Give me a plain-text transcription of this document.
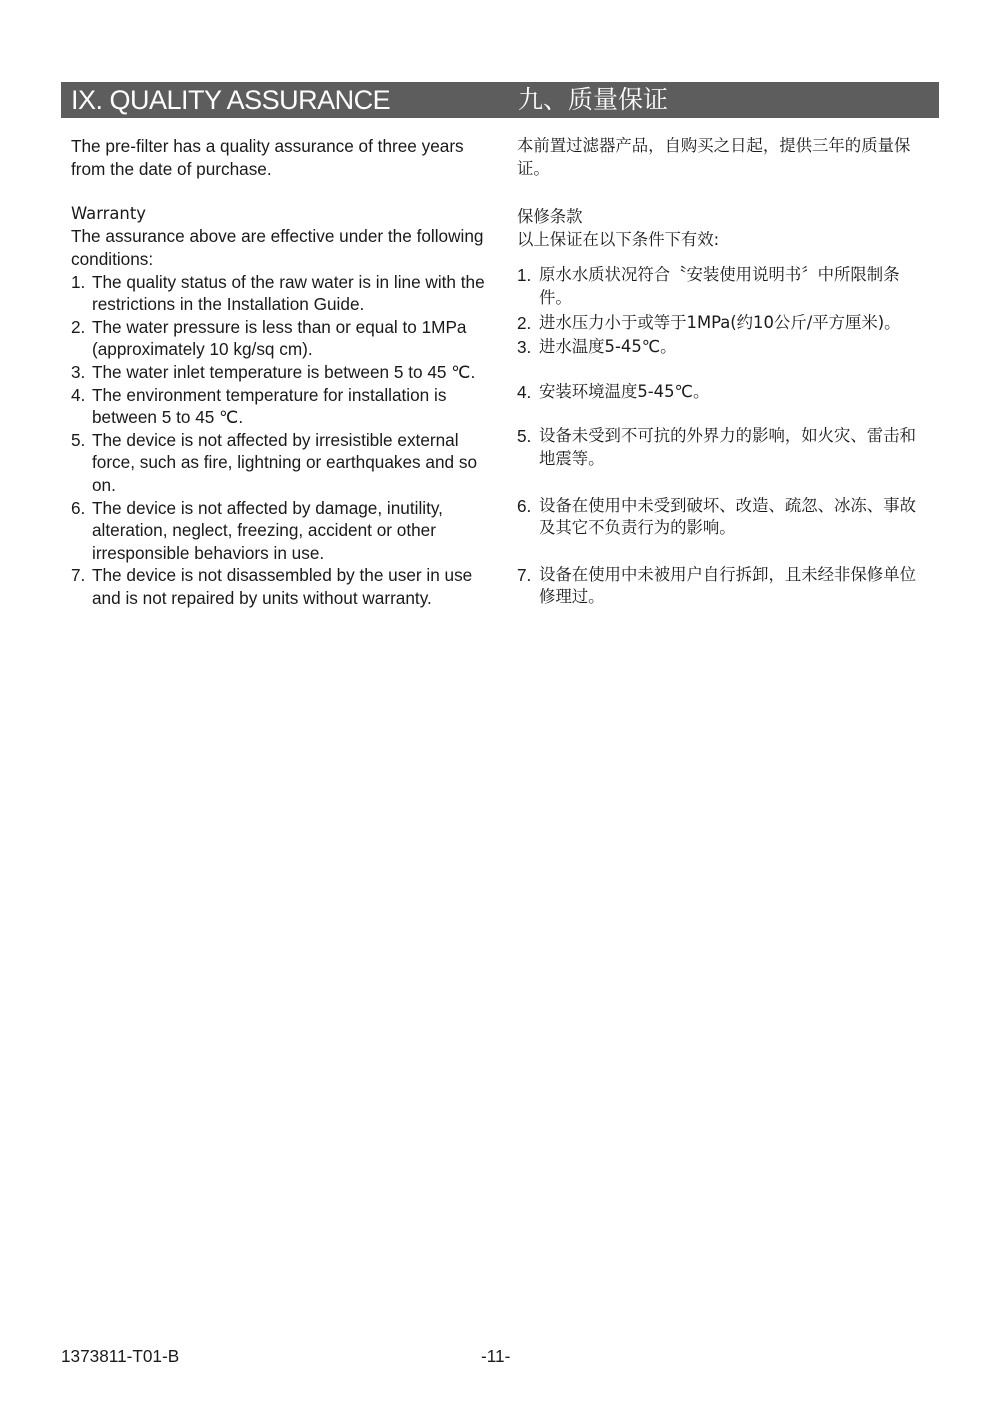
IX. QUALITY ASSURANCE	九、质量保证

The pre-filter has a quality assurance of three years from the date of purchase.

Warranty

The assurance above are effective under the following conditions:

1. The quality status of the raw water is in line with the restrictions in the Installation Guide.
2. The water pressure is less than or equal to 1MPa (approximately 10 kg/sq cm).
3. The water inlet temperature is between 5 to 45 ℃.
4. The environment temperature for installation is between 5 to 45 ℃.
5. The device is not affected by irresistible external force, such as fire, lightning or earthquakes and so on.
6. The device is not affected by damage, inutility, alteration, neglect, freezing, accident or other irresponsible behaviors in use.
7. The device is not disassembled by the user in use and is not repaired by units without warranty.

本前置过滤器产品，自购买之日起，提供三年的质量保证。

保修条款

以上保证在以下条件下有效:

1. 原水水质状况符合〝安装使用说明书〞中所限制条件。
2. 进水压力小于或等于1MPa(约10公斤/平方厘米)。
3. 进水温度5-45℃。
4. 安装环境温度5-45℃。
5. 设备未受到不可抗的外界力的影响，如火灾、雷击和地震等。
6. 设备在使用中未受到破坏、改造、疏忽、冰冻、事故及其它不负责行为的影响。
7. 设备在使用中未被用户自行拆卸，且未经非保修单位修理过。
1373811-T01-B	-11-
